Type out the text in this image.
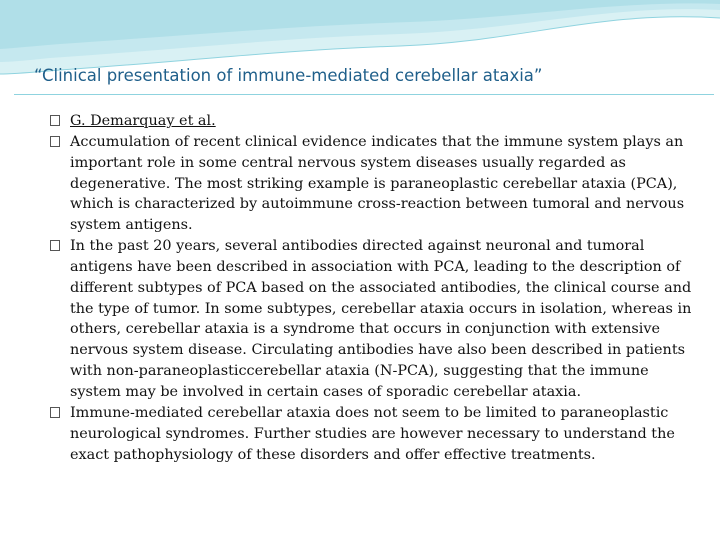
“Clinical presentation of immune-mediated cerebellar ataxia”

G. Demarquay et al.

Accumulation of recent clinical evidence indicates that the immune system plays an important role in some central nervous system diseases usually regarded as degenerative. The most striking example is paraneoplastic cerebellar ataxia (PCA), which is characterized by autoimmune cross-reaction between tumoral and nervous system antigens.

In the past 20 years, several antibodies directed against neuronal and tumoral antigens have been described in association with PCA, leading to the description of different subtypes of PCA based on the associated antibodies, the clinical course and the type of tumor. In some subtypes, cerebellar ataxia occurs in isolation, whereas in others, cerebellar ataxia is a syndrome that occurs in conjunction with extensive nervous system disease. Circulating antibodies have also been described in patients with non-paraneoplasticcerebellar ataxia (N-PCA), suggesting that the immune system may be involved in certain cases of sporadic cerebellar ataxia.

Immune-mediated cerebellar ataxia does not seem to be limited to paraneoplastic neurological syndromes. Further studies are however necessary to understand the exact pathophysiology of these disorders and offer effective treatments.
